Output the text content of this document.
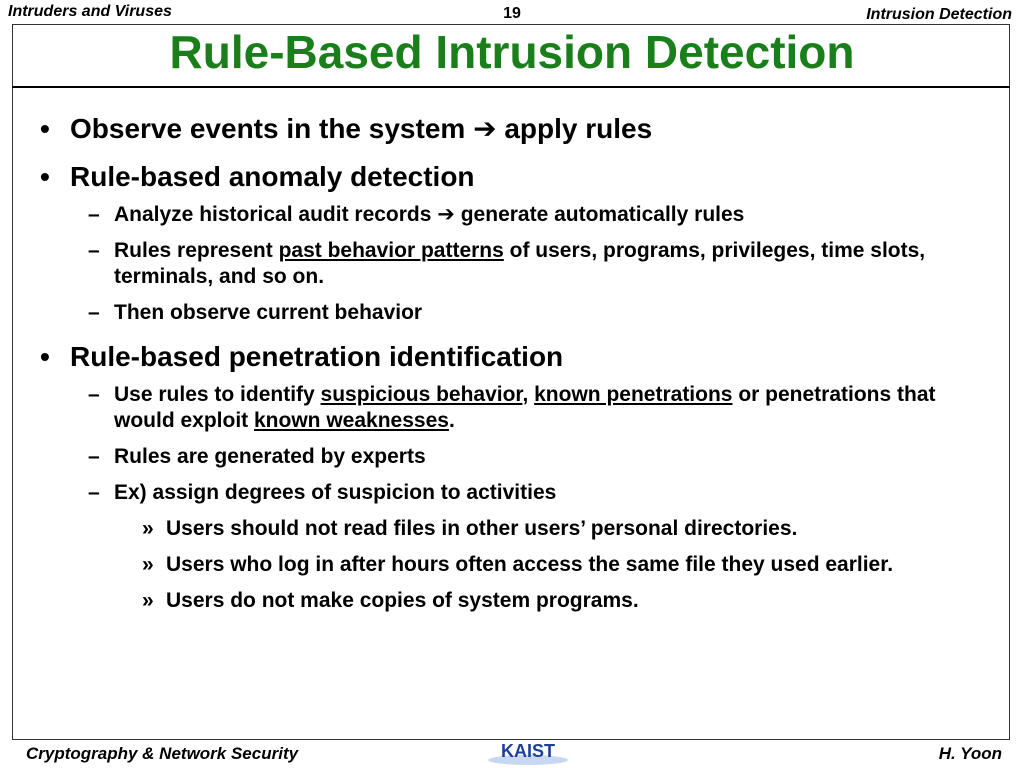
Intruders and Viruses	19	Intrusion Detection
Rule-Based Intrusion Detection
• Observe events in the system ➔ apply rules
• Rule-based anomaly detection
– Analyze historical audit records ➔ generate automatically rules
– Rules represent past behavior patterns of users, programs, privileges, time slots, terminals, and so on.
– Then observe current behavior
• Rule-based penetration identification
– Use rules to identify suspicious behavior, known penetrations or penetrations that would exploit known weaknesses.
– Rules are generated by experts
– Ex) assign degrees of suspicion to activities
» Users should not read files in other users’ personal directories.
» Users who log in after hours often access the same file they used earlier.
» Users do not make copies of system programs.
Cryptography & Network Security	KAIST	H. Yoon
